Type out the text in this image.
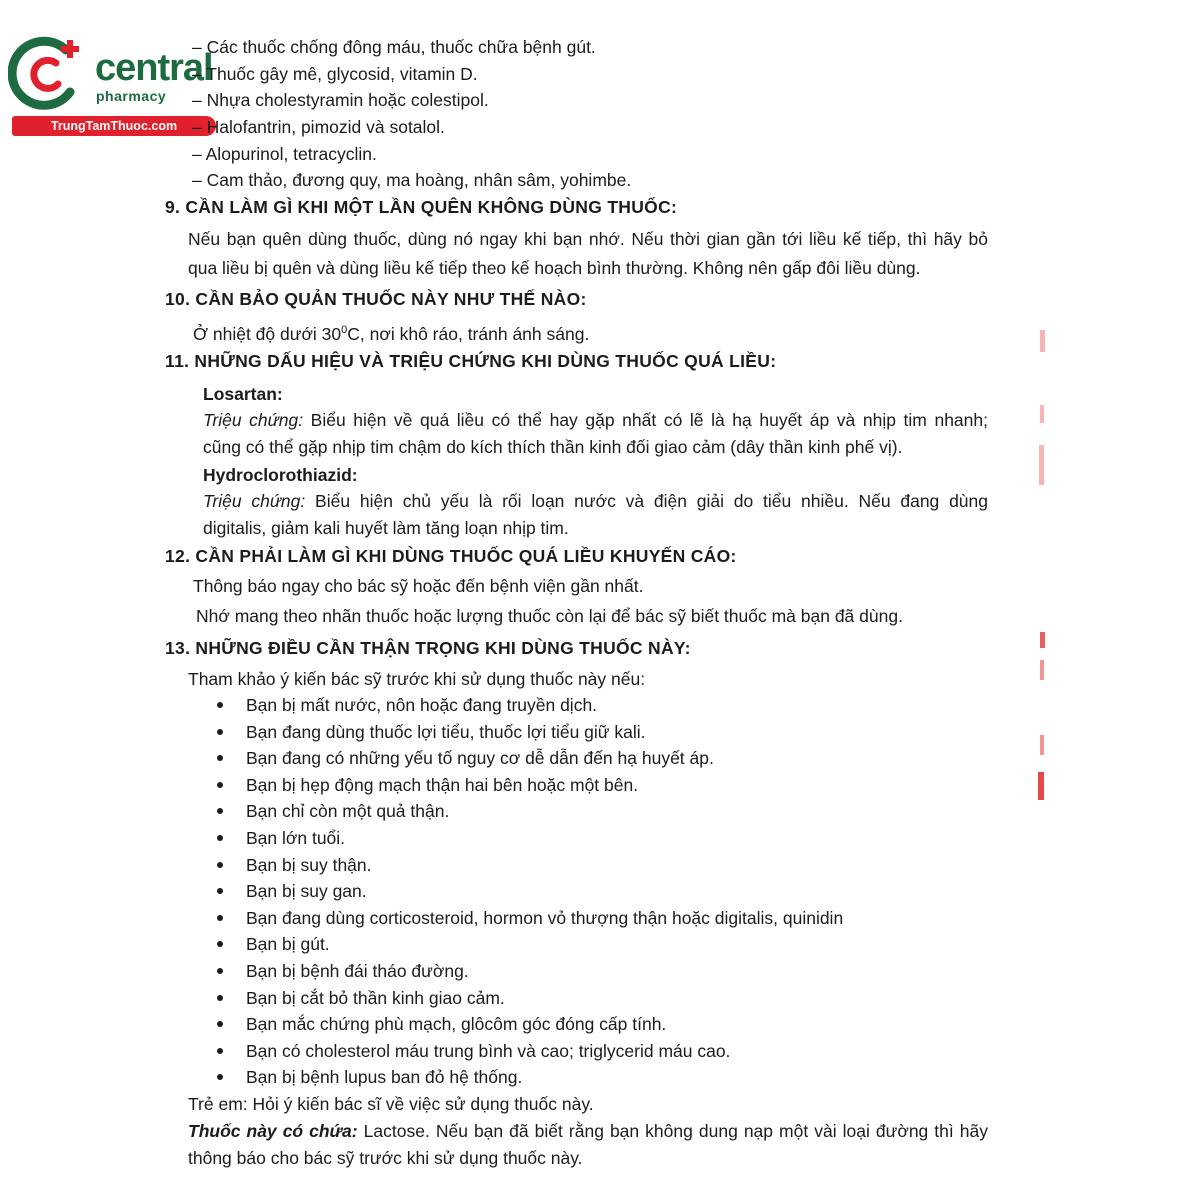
central
pharmacy
TrungTamThuoc.com
– Các thuốc chống đông máu, thuốc chữa bệnh gút.
– Thuốc gây mê, glycosid, vitamin D.
– Nhựa cholestyramin hoặc colestipol.
– Halofantrin, pimozid và sotalol.
– Alopurinol, tetracyclin.
– Cam thảo, đương quy, ma hoàng, nhân sâm, yohimbe.
9. CẦN LÀM GÌ KHI MỘT LẦN QUÊN KHÔNG DÙNG THUỐC:
Nếu bạn quên dùng thuốc, dùng nó ngay khi bạn nhớ. Nếu thời gian gần tới liều kế tiếp, thì hãy bỏ
qua liều bị quên và dùng liều kế tiếp theo kế hoạch bình thường. Không nên gấp đôi liều dùng.
10. CẦN BẢO QUẢN THUỐC NÀY NHƯ THẾ NÀO:
Ở nhiệt độ dưới $30^0C$, nơi khô ráo, tránh ánh sáng.
11. NHỮNG DẤU HIỆU VÀ TRIỆU CHỨNG KHI DÙNG THUỐC QUÁ LIỀU:
Losartan:
Triệu chứng: Biểu hiện về quá liều có thể hay gặp nhất có lẽ là hạ huyết áp và nhịp tim nhanh;
cũng có thể gặp nhịp tim chậm do kích thích thần kinh đối giao cảm (dây thần kinh phế vị).
Hydroclorothiazid:
Triệu chứng: Biểu hiện chủ yếu là rối loạn nước và điện giải do tiểu nhiều. Nếu đang dùng
digitalis, giảm kali huyết làm tăng loạn nhịp tim.
12. CẦN PHẢI LÀM GÌ KHI DÙNG THUỐC QUÁ LIỀU KHUYẾN CÁO:
Thông báo ngay cho bác sỹ hoặc đến bệnh viện gần nhất.
Nhớ mang theo nhãn thuốc hoặc lượng thuốc còn lại để bác sỹ biết thuốc mà bạn đã dùng.
13. NHỮNG ĐIỀU CẦN THẬN TRỌNG KHI DÙNG THUỐC NÀY:
Tham khảo ý kiến bác sỹ trước khi sử dụng thuốc này nếu:
Bạn bị mất nước, nôn hoặc đang truyền dịch.
Bạn đang dùng thuốc lợi tiểu, thuốc lợi tiểu giữ kali.
Bạn đang có những yếu tố nguy cơ dễ dẫn đến hạ huyết áp.
Bạn bị hẹp động mạch thận hai bên hoặc một bên.
Bạn chỉ còn một quả thận.
Bạn lớn tuổi.
Bạn bị suy thận.
Bạn bị suy gan.
Bạn đang dùng corticosteroid, hormon vỏ thượng thận hoặc digitalis, quinidin
Bạn bị gút.
Bạn bị bệnh đái tháo đường.
Bạn bị cắt bỏ thần kinh giao cảm.
Bạn mắc chứng phù mạch, glôcôm góc đóng cấp tính.
Bạn có cholesterol máu trung bình và cao; triglycerid máu cao.
Bạn bị bệnh lupus ban đỏ hệ thống.
Trẻ em: Hỏi ý kiến bác sĩ về việc sử dụng thuốc này.
Thuốc này có chứa: Lactose. Nếu bạn đã biết rằng bạn không dung nạp một vài loại đường thì hãy
thông báo cho bác sỹ trước khi sử dụng thuốc này.
